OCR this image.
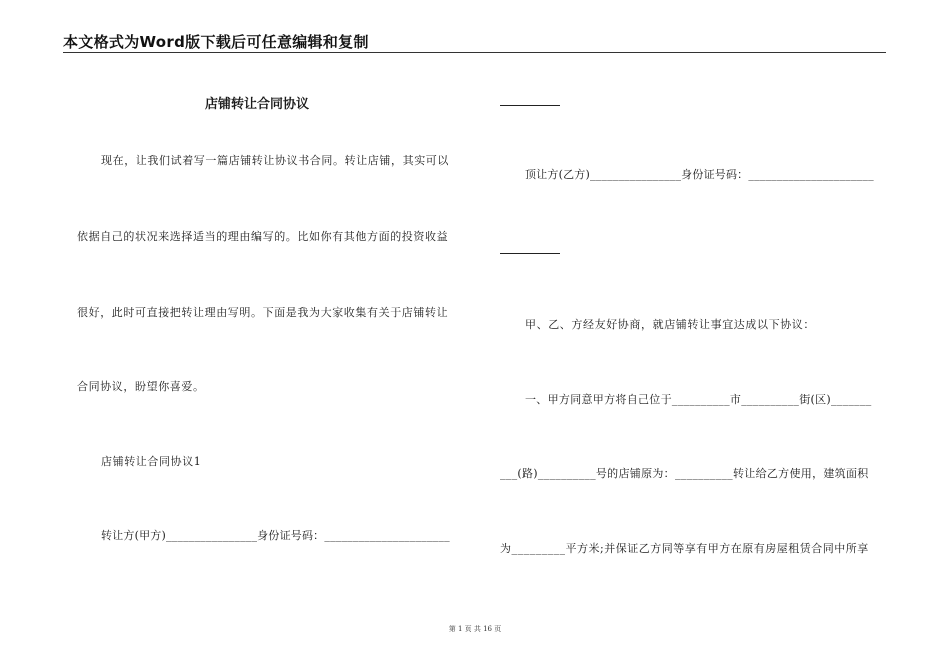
本文格式为Word版下载后可任意编辑和复制
店铺转让合同协议
现在，让我们试着写一篇店铺转让协议书合同。转让店铺，其实可以
依据自己的状况来选择适当的理由编写的。比如你有其他方面的投资收益
很好，此时可直接把转让理由写明。下面是我为大家收集有关于店铺转让
合同协议，盼望你喜爱。
店铺转让合同协议1
转让方(甲方)________________身份证号码：______________________
顶让方(乙方)________________身份证号码：______________________
甲、乙、方经友好协商，就店铺转让事宜达成以下协议：
一、甲方同意甲方将自己位于__________市__________街(区)_______
___(路)__________号的店铺原为：__________转让给乙方使用，建筑面积
为_________平方米;并保证乙方同等享有甲方在原有房屋租赁合同中所享
第 1 页 共 16 页
